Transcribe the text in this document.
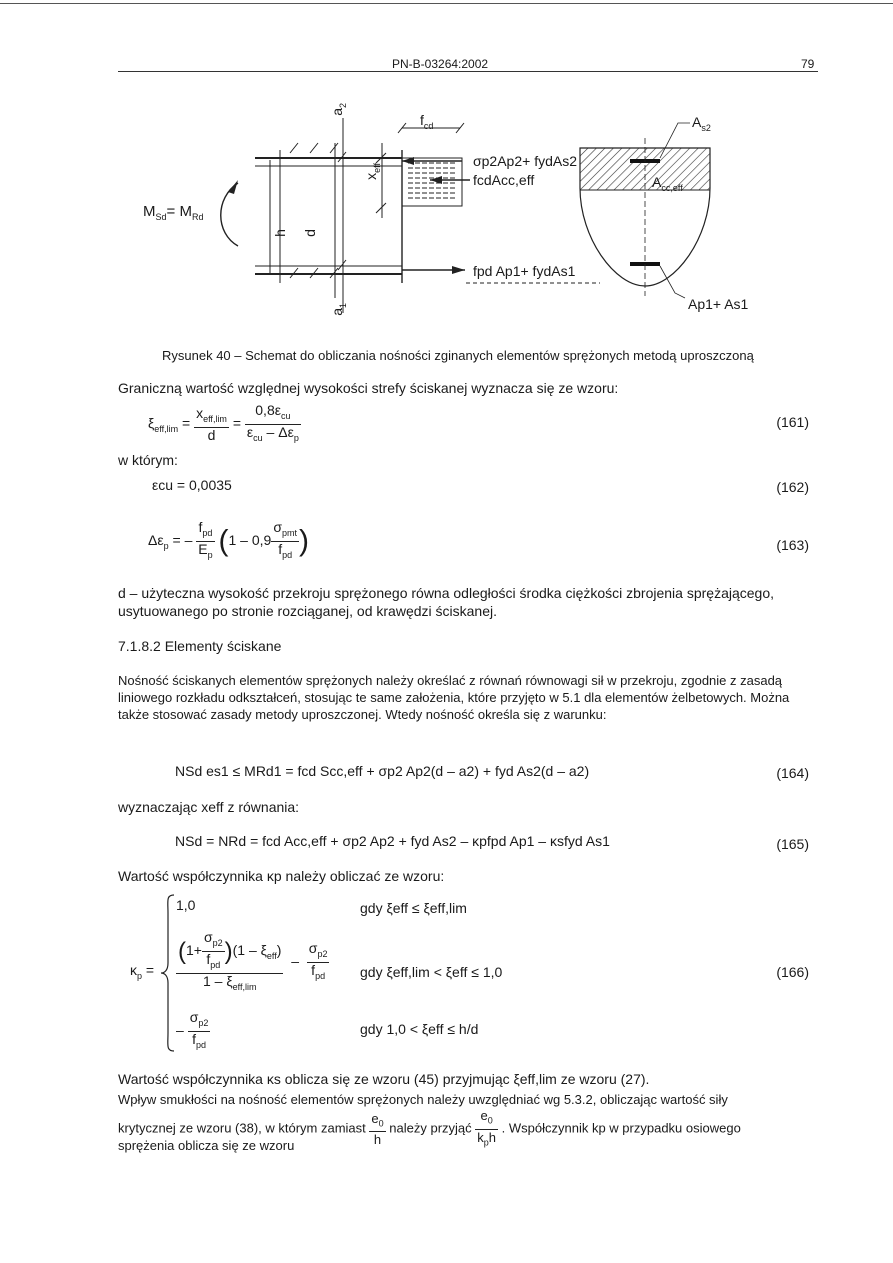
PN-B-03264:2002	79
$M_{Sd}= M_{Rd}$
$a_2$
$a_1$
h d
$x_{eff}$
$f_{cd}$
σp2Ap2+ fydAs2
fcdAcc,eff
fpd Ap1+ fydAs1
$A_{s2}$
$A_{cc,eff}$
Ap1+ As1
Rysunek 40 – Schemat do obliczania nośności zginanych elementów sprężonych metodą uproszczoną
Graniczną wartość względnej wysokości strefy ściskanej wyznacza się ze wzoru:
$\xi_{eff,lim} = \frac{x_{eff,lim}}{d} = \frac{0,8\varepsilon_{cu}}{\varepsilon_{cu} - \Delta\varepsilon_p}$	(161)
w którym:
εcu = 0,0035	(162)
$\Delta\varepsilon_p$ = – $\frac{f_{pd}}{E_p} (1 - 0,9 \frac{\sigma_{pmt}}{f_{pd}}$ )	(163)
d – użyteczna wysokość przekroju sprężonego równa odległości środka ciężkości zbrojenia sprężającego, usytuowanego po stronie rozciąganej, od krawędzi ściskanej.
7.1.8.2 Elementy ściskane
Nośność ściskanych elementów sprężonych należy określać z równań równowagi sił w przekroju, zgodnie z zasadą liniowego rozkładu odkształceń, stosując te same założenia, które przyjęto w 5.1 dla elementów żelbetowych. Można także stosować zasady metody uproszczonej. Wtedy nośność określa się z warunku:
NSd es1 ≤ MRd1 = fcd Scc,eff + σp2 Ap2(d – a2) + fyd As2(d – a2)	(164)
wyznaczając xeff z równania:
NSd = NRd = fcd Acc,eff + σp2 Ap2 + fyd As2 – κpfpd Ap1 – κsfyd As1	(165)
Wartość współczynnika κp należy obliczać ze wzoru:
$\kappa_p$ =
1,0	gdy ξeff ≤ ξeff,lim
$\frac{(1+ \frac{\sigma_{p2}}{f_{pd}} )(1 - \xi_{eff})}{1 - \xi_{eff,lim}} - \frac{\sigma_{p2}}{f_{pd}}$ gdy ξeff,lim < ξeff ≤ 1,0	(166)
– $\frac{\sigma_{p2}}{f_{pd}}$	gdy 1,0 < ξeff ≤ h/d
Wartość współczynnika κs oblicza się ze wzoru (45) przyjmując ξeff,lim ze wzoru (27).
Wpływ smukłości na nośność elementów sprężonych należy uwzględniać wg 5.3.2, obliczając wartość siły
krytycznej ze wzoru (38), w którym zamiast $\frac{e_0}{h}$ należy przyjąć $\frac{e_0}{k_ph}$ . Współczynnik kp w przypadku osiowego
sprężenia oblicza się ze wzoru
